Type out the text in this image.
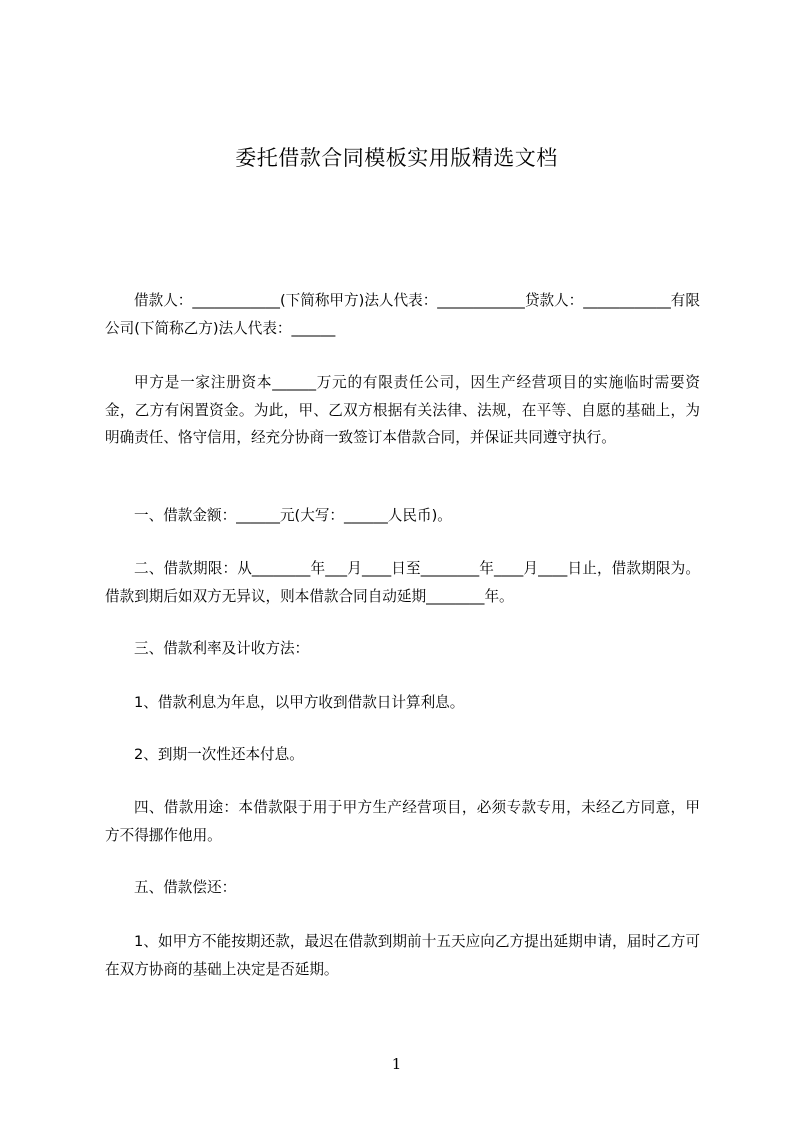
委托借款合同模板实用版精选文档

借款人：____________(下简称甲方)法人代表：____________贷款人：____________有限公司(下简称乙方)法人代表：______

甲方是一家注册资本______万元的有限责任公司，因生产经营项目的实施临时需要资金，乙方有闲置资金。为此，甲、乙双方根据有关法律、法规，在平等、自愿的基础上，为明确责任、恪守信用，经充分协商一致签订本借款合同，并保证共同遵守执行。

一、借款金额：______元(大写：______人民币)。

二、借款期限：从________年___月____日至________年____月____日止，借款期限为。借款到期后如双方无异议，则本借款合同自动延期________年。

三、借款利率及计收方法：

1、借款利息为年息，以甲方收到借款日计算利息。

2、到期一次性还本付息。

四、借款用途：本借款限于用于甲方生产经营项目，必须专款专用，未经乙方同意，甲方不得挪作他用。

五、借款偿还：

1、如甲方不能按期还款，最迟在借款到期前十五天应向乙方提出延期申请，届时乙方可在双方协商的基础上决定是否延期。

1
